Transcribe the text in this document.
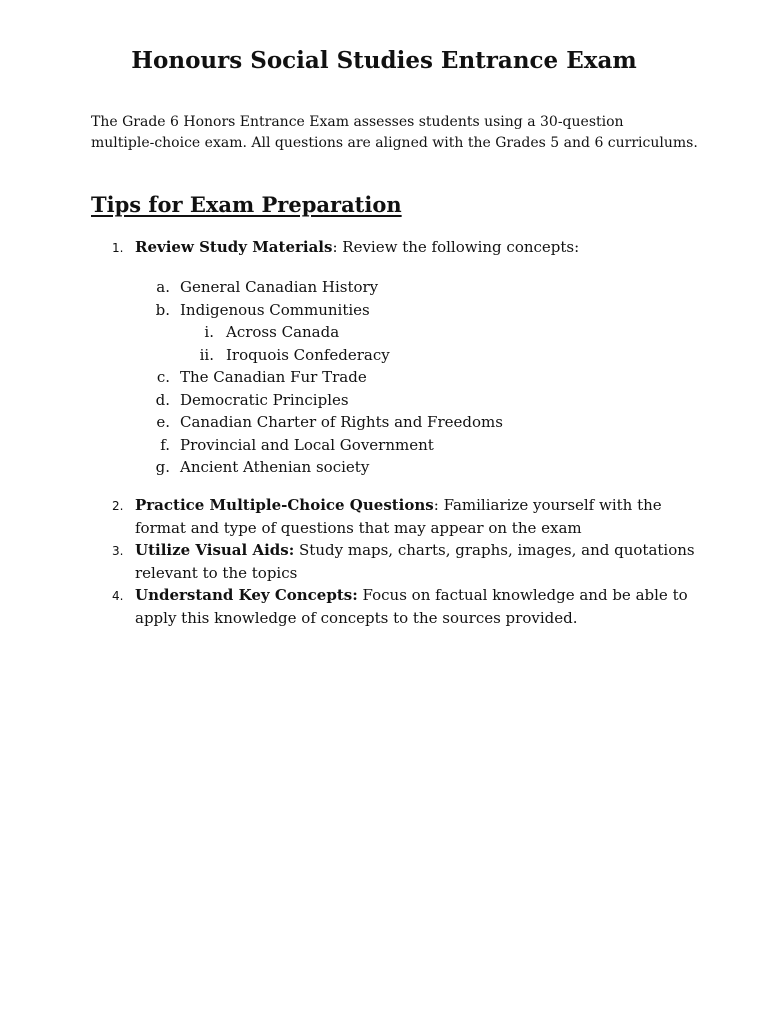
Honours Social Studies Entrance Exam

The Grade 6 Honors Entrance Exam assesses students using a 30-question
multiple-choice exam. All questions are aligned with the Grades 5 and 6 curriculums.

Tips for Exam Preparation
1. Review Study Materials: Review the following concepts:
a. General Canadian History
b. Indigenous Communities
i. Across Canada
ii. Iroquois Confederacy
c. The Canadian Fur Trade
d. Democratic Principles
e. Canadian Charter of Rights and Freedoms
f. Provincial and Local Government
g. Ancient Athenian society
2. Practice Multiple-Choice Questions: Familiarize yourself with the
format and type of questions that may appear on the exam
3. Utilize Visual Aids: Study maps, charts, graphs, images, and quotations
relevant to the topics
4. Understand Key Concepts: Focus on factual knowledge and be able to
apply this knowledge of concepts to the sources provided.
